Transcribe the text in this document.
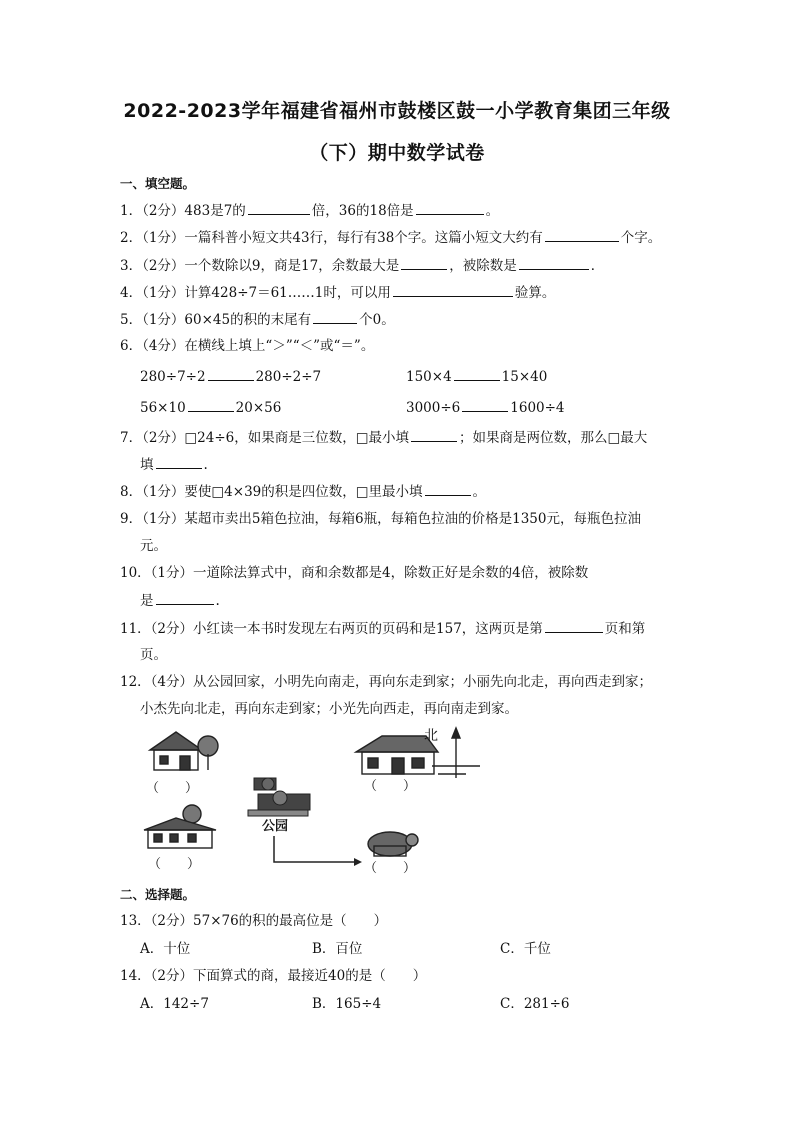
2022-2023学年福建省福州市鼓楼区鼓一小学教育集团三年级
（下）期中数学试卷
一、填空题。
1．（2分）483是7的	倍，36的18倍是	。
2．（1分）一篇科普小短文共43行，每行有38个字。这篇小短文大约有	个字。
3．（2分）一个数除以9，商是17，余数最大是	，被除数是	．
4．（1分）计算428÷7＝61……1时，可以用	验算。
5．（1分）60×45的积的末尾有	个0。
6．（4分）在横线上填上“＞”“＜”或“＝”。
280÷7÷2	280÷2÷7	150×4	15×40
56×10	20×56	3000÷6	1600÷4
7．（2分）□24÷6，如果商是三位数，□最小填	；如果商是两位数，那么□最大
填	.
8．（1分）要使□4×39的积是四位数，□里最小填	。
9．（1分）某超市卖出5箱色拉油，每箱6瓶，每箱色拉油的价格是1350元，每瓶色拉油
元。
10．（1分）一道除法算式中，商和余数都是4，除数正好是余数的4倍，被除数
是	.
11．（2分）小红读一本书时发现左右两页的页码和是157，这两页是第	页和第
页。
12．（4分）从公园回家，小明先向南走，再向东走到家；小丽先向北走，再向西走到家；
小杰先向北走，再向东走到家；小光先向西走，再向南走到家。
（　　）
公园
（　　）
北
（　　）	（　　）
二、选择题。
13．（2分）57×76的积的最高位是（　　）
A．十位	B．百位	C．千位
14．（2分）下面算式的商，最接近40的是（　　）
A．142÷7	B．165÷4	C．281÷6
